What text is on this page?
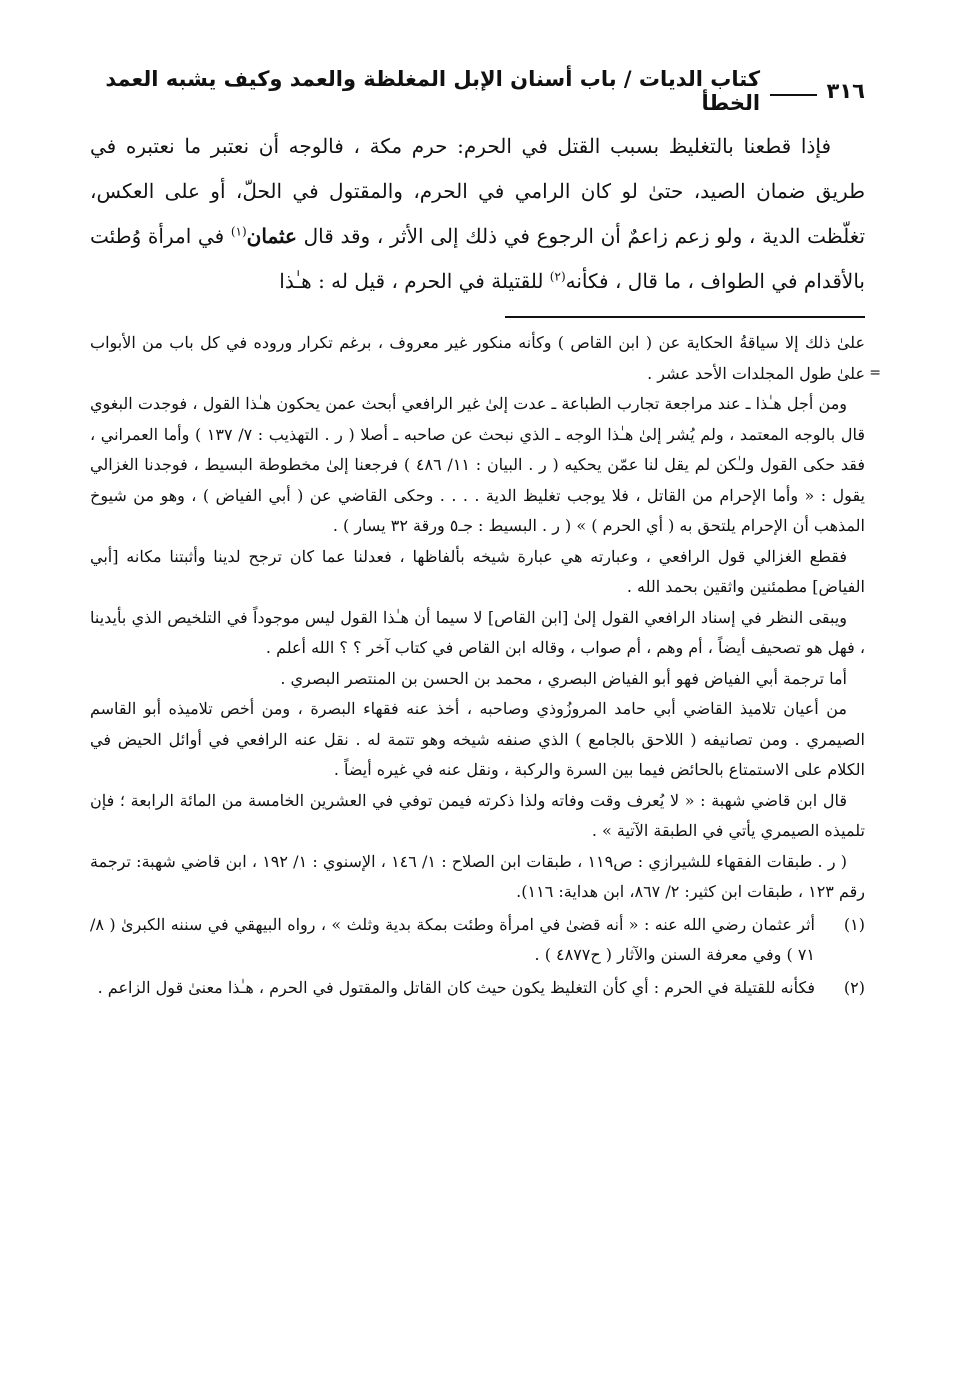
٣١٦
كتاب الديات / باب أسنان الإبل المغلظة والعمد وكيف يشبه العمد الخطأ
فإذا قطعنا بالتغليظ بسبب القتل في الحرم: حرم مكة ، فالوجه أن نعتبر ما نعتبره في طريق ضمان الصيد، حتىٰ لو كان الرامي في الحرم، والمقتول في الحلّ، أو على العكس، تغلّظت الدية ، ولو زعم زاعمٌ أن الرجوع في ذلك إلى الأثر ، وقد قال عثمان$^{(١)}$ في امرأة وُطئت بالأقدام في الطواف ، ما قال ، فكأنه$^{(٢)}$ للقتيلة في الحرم ، قيل له : هـٰذا
=

علىٰ ذلك إلا سياقةُ الحكاية عن ( ابن القاص ) وكأنه منكور غير معروف ، برغم تكرار وروده في كل باب من الأبواب علىٰ طول المجلدات الأحد عشر .

ومن أجل هـٰذا ـ عند مراجعة تجارب الطباعة ـ عدت إلىٰ غير الرافعي أبحث عمن يحكون هـٰذا القول ، فوجدت البغوي قال بالوجه المعتمد ، ولم يُشر إلىٰ هـٰذا الوجه ـ الذي نبحث عن صاحبه ـ أصلا ( ر . التهذيب : ٧/ ١٣٧ ) وأما العمراني ، فقد حكى القول ولـٰكن لم يقل لنا عمّن يحكيه ( ر . البيان : ١١/ ٤٨٦ ) فرجعنا إلىٰ مخطوطة البسيط ، فوجدنا الغزالي يقول : « وأما الإحرام من القاتل ، فلا يوجب تغليظ الدية . . . . وحكى القاضي عن ( أبي الفياض ) ، وهو من شيوخ المذهب أن الإحرام يلتحق به ( أي الحرم ) » ( ر . البسيط : جـ٥ ورقة ٣٢ يسار ) .

فقطع الغزالي قول الرافعي ، وعبارته هي عبارة شيخه بألفاظها ، فعدلنا عما كان ترجح لدينا وأثبتنا مكانه [أبي الفياض] مطمئنين واثقين بحمد الله .

ويبقى النظر في إسناد الرافعي القول إلىٰ [ابن القاص] لا سيما أن هـٰذا القول ليس موجوداً في التلخيص الذي بأيدينا ، فهل هو تصحيف أيضاً ، أم وهم ، أم صواب ، وقاله ابن القاص في كتاب آخر ؟ ؟ الله أعلم .

أما ترجمة أبي الفياض فهو أبو الفياض البصري ، محمد بن الحسن بن المنتصر البصري .

من أعيان تلاميذ القاضي أبي حامد المروزُوذي وصاحبه ، أخذ عنه فقهاء البصرة ، ومن أخص تلاميذه أبو القاسم الصيمري . ومن تصانيفه ( اللاحق بالجامع ) الذي صنفه شيخه وهو تتمة له . نقل عنه الرافعي في أوائل الحيض في الكلام على الاستمتاع بالحائض فيما بين السرة والركبة ، ونقل عنه في غيره أيضاً .

قال ابن قاضي شهبة : « لا يُعرف وقت وفاته ولذا ذكرته فيمن توفي في العشرين الخامسة من المائة الرابعة ؛ فإن تلميذه الصيمري يأتي في الطبقة الآتية » .

( ر . طبقات الفقهاء للشيرازي : ص١١٩ ، طبقات ابن الصلاح : ١/ ١٤٦ ، الإسنوي : ١/ ١٩٢ ، ابن قاضي شهبة: ترجمة رقم ١٢٣ ، طبقات ابن كثير: ٢/ ٨٦٧، ابن هداية: ١١٦).

(١)
أثر عثمان رضي الله عنه : « أنه قضىٰ في امرأة وطئت بمكة بدية وثلث » ، رواه البيهقي في سننه الكبرىٰ ( ٨/ ٧١ ) وفي معرفة السنن والآثار ( ح٤٨٧٧ ) .
(٢)
فكأنه للقتيلة في الحرم : أي كأن التغليظ يكون حيث كان القاتل والمقتول في الحرم ، هـٰذا معنىٰ قول الزاعم .
